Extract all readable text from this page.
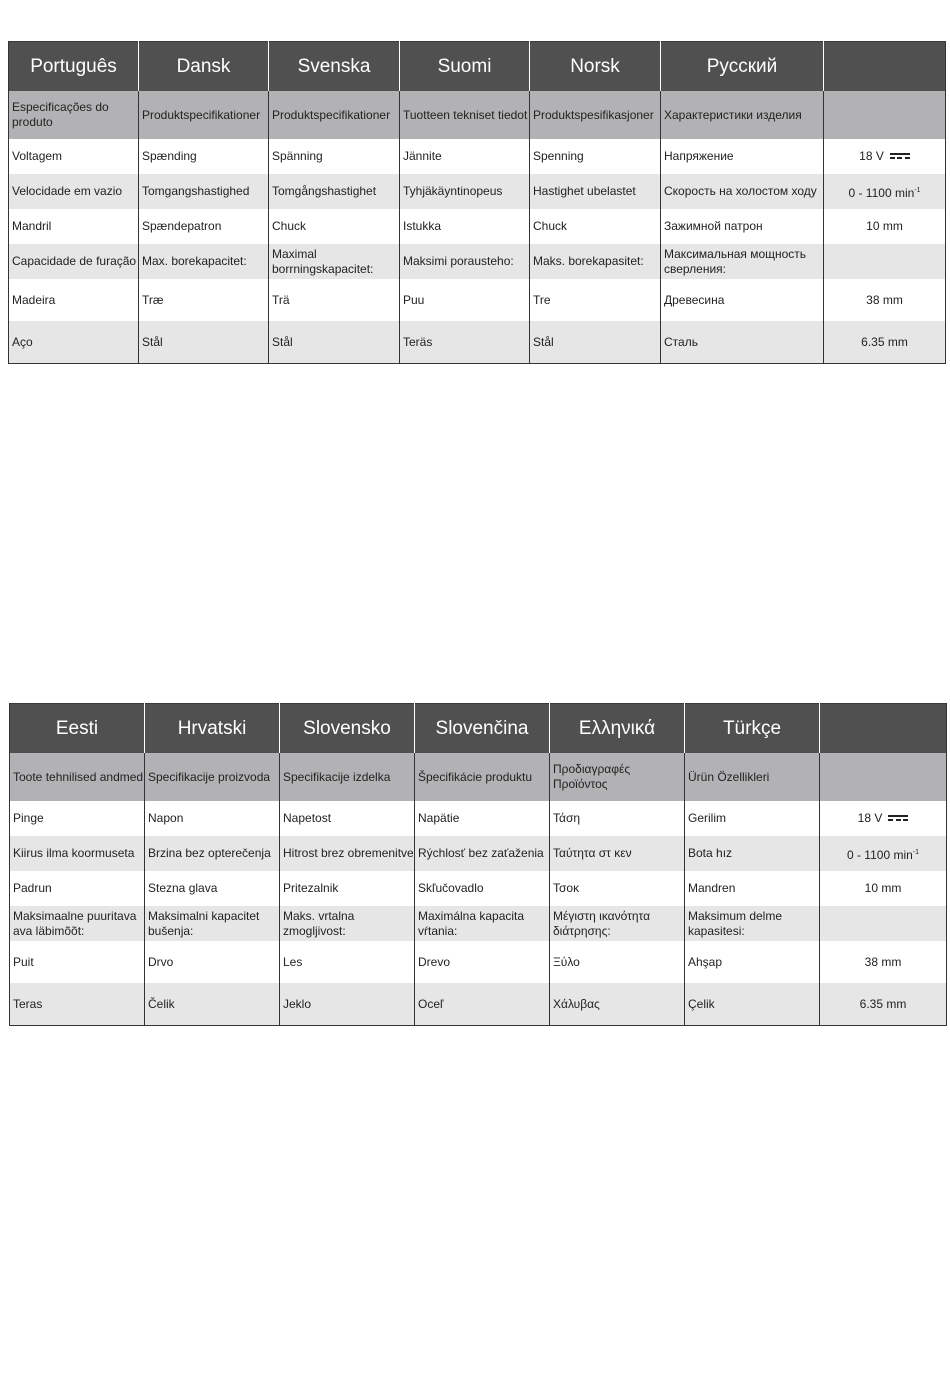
Português	Dansk	Svenska	Suomi	Norsk	Русский	
Especificações do produto	Produktspecifikationer	Produktspecifikationer	Tuotteen tekniset tiedot	Produktspesifikasjoner	Характеристики изделия	
Voltagem	Spænding	Spänning	Jännite	Spenning	Напряжение	18 V

Velocidade em vazio	Tomgangshastighed	Tomgångshastighet	Tyhjäkäyntinopeus	Hastighet ubelastet	Скорость на холостом ходу	0 - 1100 $\min^{-1}$
Mandril	Spændepatron	Chuck	Istukka	Chuck	Зажимной патрон	10 mm
Capacidade de furação	Max. borekapacitet:	Maximal borrningskapacitet:	Maksimi porausteho:	Maks. borekapasitet:	Максимальная мощность сверления:	
Madeira	Træ	Trä	Puu	Tre	Древесина	38 mm
Aço	Stål	Stål	Teräs	Stål	Сталь	6.35 mm
Eesti	Hrvatski	Slovensko	Slovenčina	Ελληνικά	Türkçe	
Toote tehnilised andmed	Specifikacije proizvoda	Specifikacije izdelka	Špecifikácie produktu	Προδιαγραφές Προϊόντος	Ürün Özellikleri	
Pinge	Napon	Napetost	Napätie	Τάση	Gerilim	18 V

Kiirus ilma koormuseta	Brzina bez opterečenja	Hitrost brez obremenitve	Rýchlosť bez zaťaženia	Ταύτητα στ κεν	Bota hız	0 - 1100 $\min^{-1}$
Padrun	Stezna glava	Pritezalnik	Skľučovadlo	Τσοκ	Mandren	10 mm
Maksimaalne puuritava ava läbimõõt:	Maksimalni kapacitet bušenja:	Maks. vrtalna zmogljivost:	Maximálna kapacita vŕtania:	Μέγιστη ικανότητα διάτρησης:	Maksimum delme kapasitesi:	
Puit	Drvo	Les	Drevo	Ξύλο	Ahşap	38 mm
Teras	Čelik	Jeklo	Oceľ	Χάλυβας	Çelik	6.35 mm
